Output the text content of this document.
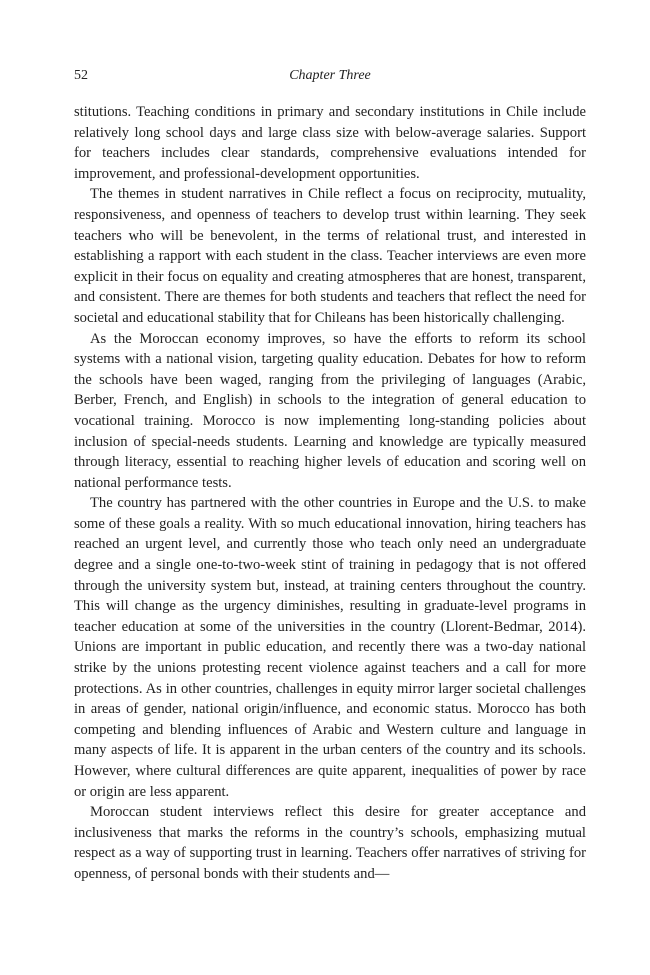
52	Chapter Three

stitutions. Teaching conditions in primary and secondary institutions in Chile include relatively long school days and large class size with below-average salaries. Support for teachers includes clear standards, comprehensive evaluations intended for improvement, and professional-development opportunities.

The themes in student narratives in Chile reflect a focus on reciprocity, mutuality, responsiveness, and openness of teachers to develop trust within learning. They seek teachers who will be benevolent, in the terms of relational trust, and interested in establishing a rapport with each student in the class. Teacher interviews are even more explicit in their focus on equality and creating atmospheres that are honest, transparent, and consistent. There are themes for both students and teachers that reflect the need for societal and educational stability that for Chileans has been historically challenging.

As the Moroccan economy improves, so have the efforts to reform its school systems with a national vision, targeting quality education. Debates for how to reform the schools have been waged, ranging from the privileging of languages (Arabic, Berber, French, and English) in schools to the integration of general education to vocational training. Morocco is now implementing long-standing policies about inclusion of special-needs students. Learning and knowledge are typically measured through literacy, essential to reaching higher levels of education and scoring well on national performance tests.

The country has partnered with the other countries in Europe and the U.S. to make some of these goals a reality. With so much educational innovation, hiring teachers has reached an urgent level, and currently those who teach only need an undergraduate degree and a single one-to-two-week stint of training in pedagogy that is not offered through the university system but, instead, at training centers throughout the country. This will change as the urgency diminishes, resulting in graduate-level programs in teacher education at some of the universities in the country (Llorent-Bedmar, 2014). Unions are important in public education, and recently there was a two-day national strike by the unions protesting recent violence against teachers and a call for more protections. As in other countries, challenges in equity mirror larger societal challenges in areas of gender, national origin/influence, and economic status. Morocco has both competing and blending influences of Arabic and Western culture and language in many aspects of life. It is apparent in the urban centers of the country and its schools. However, where cultural differences are quite apparent, inequalities of power by race or origin are less apparent.

Moroccan student interviews reflect this desire for greater acceptance and inclusiveness that marks the reforms in the country’s schools, emphasizing mutual respect as a way of supporting trust in learning. Teachers offer narratives of striving for openness, of personal bonds with their students and—
